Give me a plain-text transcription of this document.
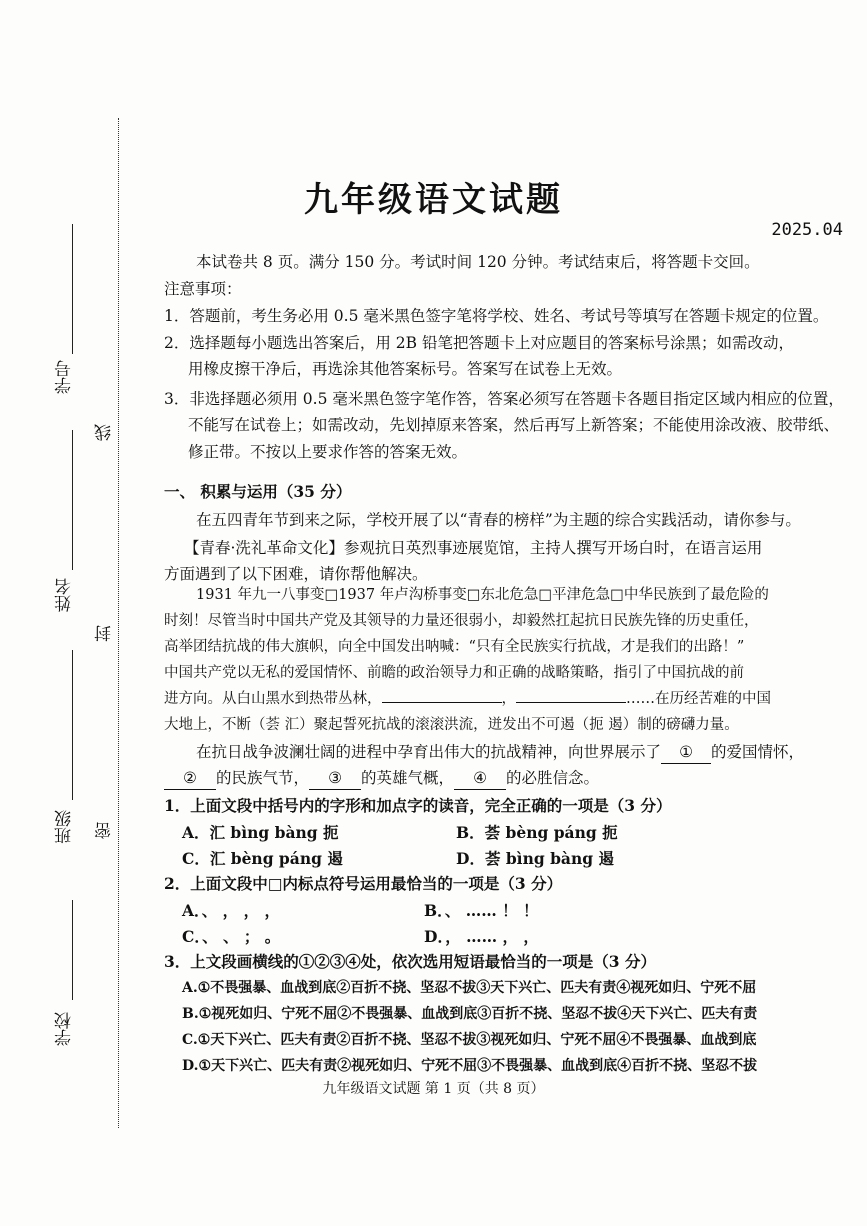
学校
班级 密
姓名
封
学号
线
九年级语文试题
2025.04
本试卷共 8 页。满分 150 分。考试时间 120 分钟。考试结束后，将答题卡交回。
注意事项：
1．答题前，考生务必用 0.5 毫米黑色签字笔将学校、姓名、考试号等填写在答题卡规定的位置。
2．选择题每小题选出答案后，用 2B 铅笔把答题卡上对应题目的答案标号涂黑；如需改动，
用橡皮擦干净后，再选涂其他答案标号。答案写在试卷上无效。
3．非选择题必须用 0.5 毫米黑色签字笔作答，答案必须写在答题卡各题目指定区域内相应的位置，
不能写在试卷上；如需改动，先划掉原来答案，然后再写上新答案；不能使用涂改液、胶带纸、
修正带。不按以上要求作答的答案无效。
一、 积累与运用（35 分）
在五四青年节到来之际，学校开展了以“青春的榜样”为主题的综合实践活动，请你参与。
【青春·洗礼革命文化】参观抗日英烈事迹展览馆，主持人撰写开场白时，在语言运用
方面遇到了以下困难，请你帮他解决。
1931 年九一八事变□1937 年卢沟桥事变□东北危急□平津危急□中华民族到了最危险的
时刻！尽管当时中国共产党及其领导的力量还很弱小，却毅然扛起抗日民族先锋的历史重任，
高举团结抗战的伟大旗帜，向全中国发出呐喊：“只有全民族实行抗战，才是我们的出路！”
中国共产党以无私的爱国情怀、前瞻的政治领导力和正确的战略策略，指引了中国抗战的前
进方向。从白山黑水到热带丛林，	，	……在历经苦难的中国
大地上，不断（荟 汇）聚起誓死抗战的滚滚洪流，迸发出不可遏（扼 遏）制的磅礴力量。
在抗日战争波澜壮阔的进程中孕育出伟大的抗战精神，向世界展示了 ① 的爱国情怀，
② 的民族气节， ③ 的英雄气概， ④ 的必胜信念。
1．上面文段中括号内的字形和加点字的读音，完全正确的一项是（3 分）
A．汇 bìng bàng 扼	B．荟 bèng páng 扼
C．汇 bèng páng 遏	D．荟 bìng bàng 遏
2．上面文段中□内标点符号运用最恰当的一项是（3 分）
A．、 ， ， ，	B．、 …… ！ ！
C．、 、 ； 。	D．， …… ， ，
3．上文段画横线的①②③④处，依次选用短语最恰当的一项是（3 分）
A.①不畏强暴、血战到底②百折不挠、坚忍不拔③天下兴亡、匹夫有责④视死如归、宁死不屈
B.①视死如归、宁死不屈②不畏强暴、血战到底③百折不挠、坚忍不拔④天下兴亡、匹夫有责
C.①天下兴亡、匹夫有责②百折不挠、坚忍不拔③视死如归、宁死不屈④不畏强暴、血战到底
D.①天下兴亡、匹夫有责②视死如归、宁死不屈③不畏强暴、血战到底④百折不挠、坚忍不拔
九年级语文试题 第 1 页（共 8 页）
